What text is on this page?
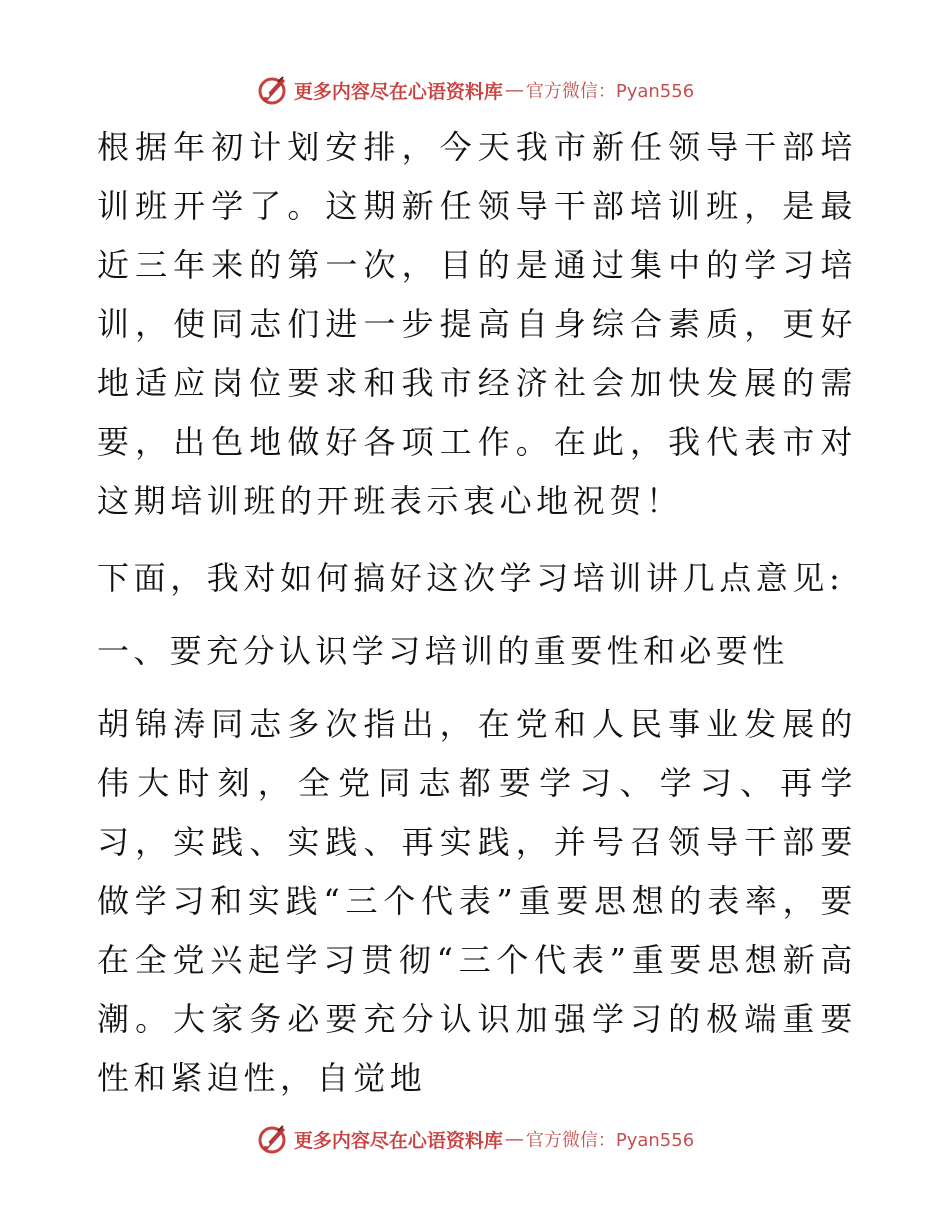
更多内容尽在心语资料库 — 官方微信：Pyan556

根据年初计划安排，今天我市新任领导干部培训班开学了。这期新任领导干部培训班，是最近三年来的第一次，目的是通过集中的学习培训，使同志们进一步提高自身综合素质，更好地适应岗位要求和我市经济社会加快发展的需要，出色地做好各项工作。在此，我代表市对这期培训班的开班表示衷心地祝贺！

下面，我对如何搞好这次学习培训讲几点意见:

一、要充分认识学习培训的重要性和必要性

胡锦涛同志多次指出，在党和人民事业发展的伟大时刻，全党同志都要学习、学习、再学习，实践、实践、再实践，并号召领导干部要做学习和实践“三个代表”重要思想的表率，要在全党兴起学习贯彻“三个代表”重要思想新高潮。大家务必要充分认识加强学习的极端重要性和紧迫性，自觉地

更多内容尽在心语资料库 — 官方微信：Pyan556
